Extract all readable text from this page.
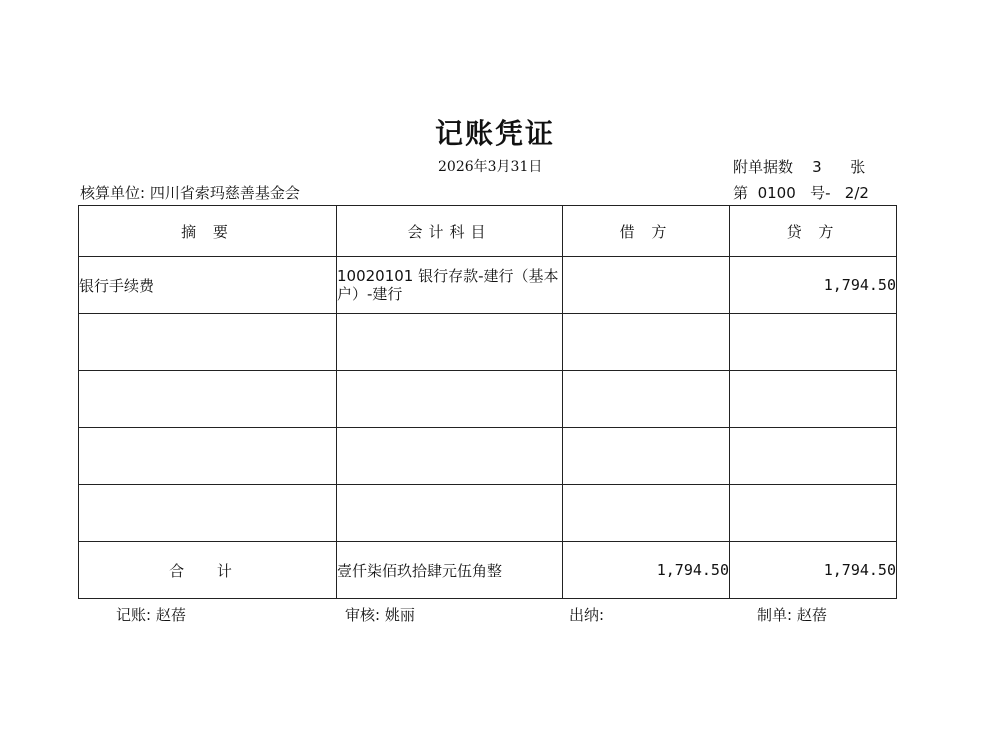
记账凭证
2026年3月31日	附单据数 3 张
核算单位: 四川省索玛慈善基金会	第 0100 号- 2/2
摘 要	会计科目	借 方	贷 方
银行手续费	10020101 银行存款-建行（基本户）-建行		1,794.50

合 计	壹仟柒佰玖拾肆元伍角整	1,794.50	1,794.50
记账: 赵蓓	审核: 姚丽	出纳:	制单: 赵蓓
